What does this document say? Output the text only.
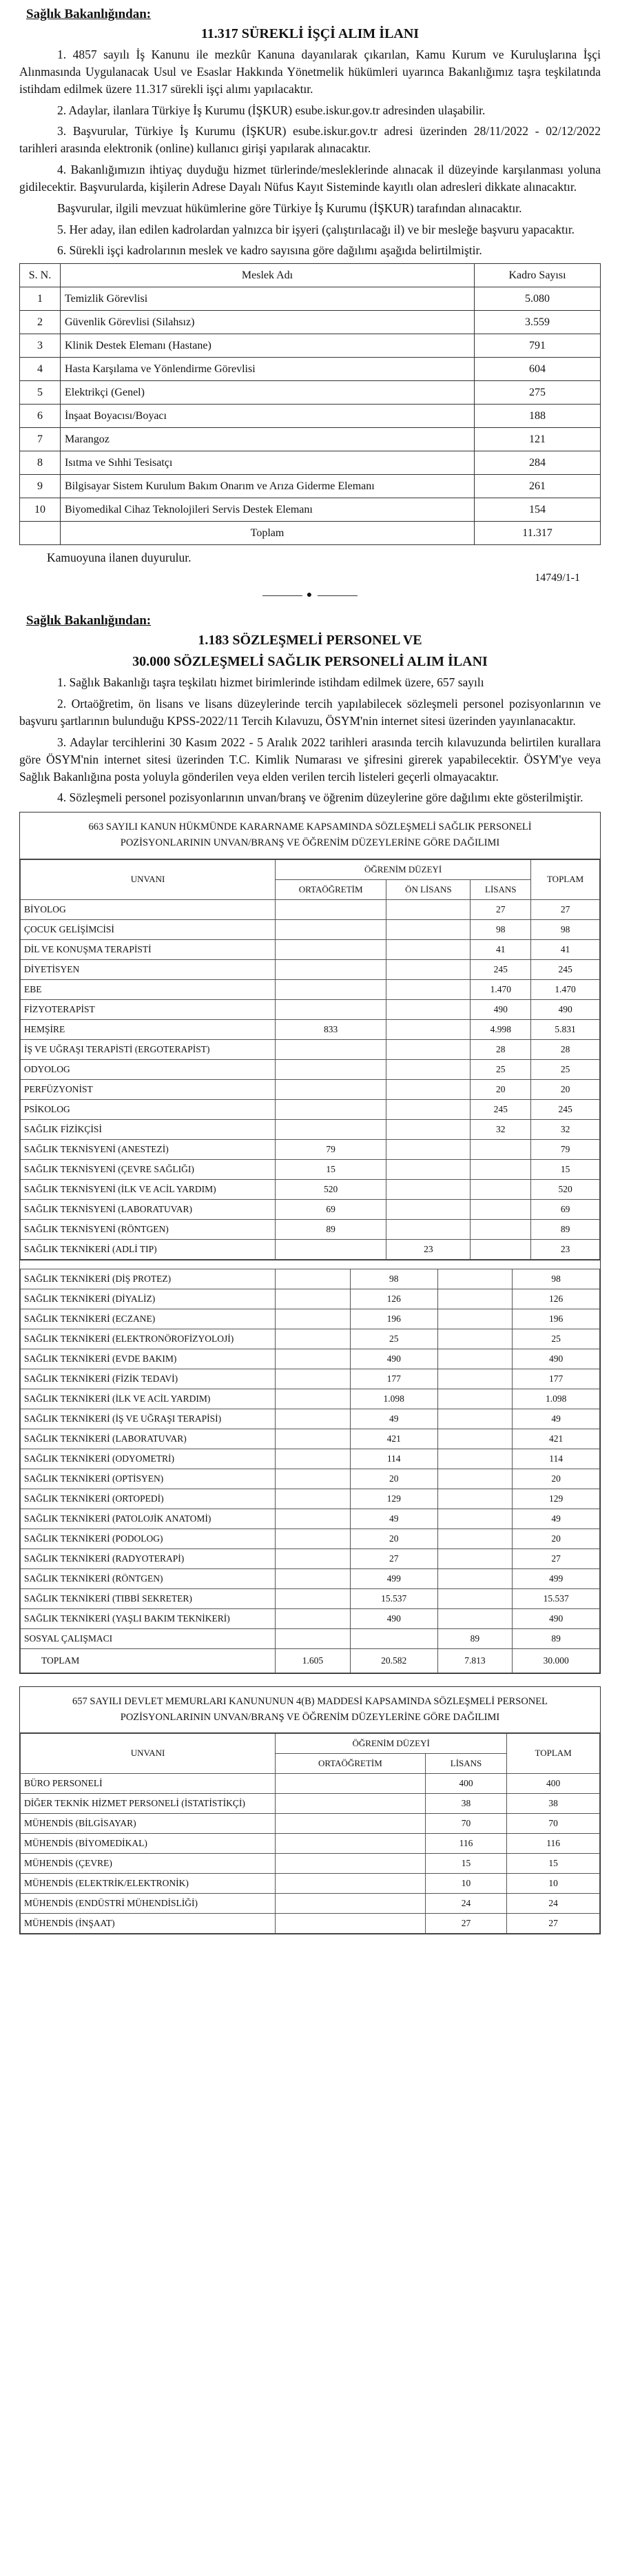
Sağlık Bakanlığından:
11.317 SÜREKLİ İŞÇİ ALIM İLANI
1. 4857 sayılı İş Kanunu ile mezkûr Kanuna dayanılarak çıkarılan, Kamu Kurum ve Kuruluşlarına İşçi Alınmasında Uygulanacak Usul ve Esaslar Hakkında Yönetmelik hükümleri uyarınca Bakanlığımız taşra teşkilatında istihdam edilmek üzere 11.317 sürekli işçi alımı yapılacaktır.
2. Adaylar, ilanlara Türkiye İş Kurumu (İŞKUR) esube.iskur.gov.tr adresinden ulaşabilir.
3. Başvurular, Türkiye İş Kurumu (İŞKUR) esube.iskur.gov.tr adresi üzerinden 28/11/2022 - 02/12/2022 tarihleri arasında elektronik (online) kullanıcı girişi yapılarak alınacaktır.
4. Bakanlığımızın ihtiyaç duyduğu hizmet türlerinde/mesleklerinde alınacak il düzeyinde karşılanması yoluna gidilecektir. Başvurularda, kişilerin Adrese Dayalı Nüfus Kayıt Sisteminde kayıtlı olan adresleri dikkate alınacaktır.
Başvurular, ilgili mevzuat hükümlerine göre Türkiye İş Kurumu (İŞKUR) tarafından alınacaktır.
5. Her aday, ilan edilen kadrolardan yalnızca bir işyeri (çalıştırılacağı il) ve bir mesleğe başvuru yapacaktır.
6. Sürekli işçi kadrolarının meslek ve kadro sayısına göre dağılımı aşağıda belirtilmiştir.
S. N.	Meslek Adı	Kadro Sayısı
1	Temizlik Görevlisi	5.080
2	Güvenlik Görevlisi (Silahsız)	3.559
3	Klinik Destek Elemanı (Hastane)	791
4	Hasta Karşılama ve Yönlendirme Görevlisi	604
5	Elektrikçi (Genel)	275
6	İnşaat Boyacısı/Boyacı	188
7	Marangoz	121
8	Isıtma ve Sıhhi Tesisatçı	284
9	Bilgisayar Sistem Kurulum Bakım Onarım ve Arıza Giderme Elemanı	261
10	Biyomedikal Cihaz Teknolojileri Servis Destek Elemanı	154
	Toplam	11.317
Kamuoyuna ilanen duyurulur.
14749/1-1
●
Sağlık Bakanlığından:
1.183 SÖZLEŞMELİ PERSONEL VE
30.000 SÖZLEŞMELİ SAĞLIK PERSONELİ ALIM İLANI
1. Sağlık Bakanlığı taşra teşkilatı hizmet birimlerinde istihdam edilmek üzere, 657 sayılı
2. Ortaöğretim, ön lisans ve lisans düzeylerinde tercih yapılabilecek sözleşmeli personel pozisyonlarının ve başvuru şartlarının bulunduğu KPSS-2022/11 Tercih Kılavuzu, ÖSYM'nin internet sitesi üzerinden yayınlanacaktır.
3. Adaylar tercihlerini 30 Kasım 2022 - 5 Aralık 2022 tarihleri arasında tercih kılavuzunda belirtilen kurallara göre ÖSYM'nin internet sitesi üzerinden T.C. Kimlik Numarası ve şifresini girerek yapabilecektir. ÖSYM'ye veya Sağlık Bakanlığına posta yoluyla gönderilen veya elden verilen tercih listeleri geçerli olmayacaktır.
4. Sözleşmeli personel pozisyonlarının unvan/branş ve öğrenim düzeylerine göre dağılımı ekte gösterilmiştir.
663 SAYILI KANUN HÜKMÜNDE KARARNAME KAPSAMINDA SÖZLEŞMELİ SAĞLIK PERSONELİ
POZİSYONLARININ UNVAN/BRANŞ VE ÖĞRENİM DÜZEYLERİNE GÖRE DAĞILIMI
UNVANI	ÖĞRENİM DÜZEYİ			TOPLAM
	ORTAÖĞRETİM	ÖN LİSANS	LİSANS	
BİYOLOG			27	27
ÇOCUK GELİŞİMCİSİ			98	98
DİL VE KONUŞMA TERAPİSTİ			41	41
DİYETİSYEN			245	245
EBE			1.470	1.470
FİZYOTERAPİST			490	490
HEMŞİRE	833		4.998	5.831
İŞ VE UĞRAŞI TERAPİSTİ (ERGOTERAPİST)			28	28
ODYOLOG			25	25
PERFÜZYONİST			20	20
PSİKOLOG			245	245
SAĞLIK FİZİKÇİSİ			32	32
SAĞLIK TEKNİSYENİ (ANESTEZİ)	79			79
SAĞLIK TEKNİSYENİ (ÇEVRE SAĞLIĞI)	15			15
SAĞLIK TEKNİSYENİ (İLK VE ACİL YARDIM)	520			520
SAĞLIK TEKNİSYENİ (LABORATUVAR)	69			69
SAĞLIK TEKNİSYENİ (RÖNTGEN)	89			89
SAĞLIK TEKNİKERİ (ADLİ TIP)		23		23
SAĞLIK TEKNİKERİ (DİŞ PROTEZ)		98		98
SAĞLIK TEKNİKERİ (DİYALİZ)		126		126
SAĞLIK TEKNİKERİ (ECZANE)		196		196
SAĞLIK TEKNİKERİ (ELEKTRONÖROFİZYOLOJİ)		25		25
SAĞLIK TEKNİKERİ (EVDE BAKIM)		490		490
SAĞLIK TEKNİKERİ (FİZİK TEDAVİ)		177		177
SAĞLIK TEKNİKERİ (İLK VE ACİL YARDIM)		1.098		1.098
SAĞLIK TEKNİKERİ (İŞ VE UĞRAŞI TERAPİSİ)		49		49
SAĞLIK TEKNİKERİ (LABORATUVAR)		421		421
SAĞLIK TEKNİKERİ (ODYOMETRİ)		114		114
SAĞLIK TEKNİKERİ (OPTİSYEN)		20		20
SAĞLIK TEKNİKERİ (ORTOPEDİ)		129		129
SAĞLIK TEKNİKERİ (PATOLOJİK ANATOMİ)		49		49
SAĞLIK TEKNİKERİ (PODOLOG)		20		20
SAĞLIK TEKNİKERİ (RADYOTERAPİ)		27		27
SAĞLIK TEKNİKERİ (RÖNTGEN)		499		499
SAĞLIK TEKNİKERİ (TIBBİ SEKRETER)		15.537		15.537
SAĞLIK TEKNİKERİ (YAŞLI BAKIM TEKNİKERİ)		490		490
SOSYAL ÇALIŞMACI			89	89
TOPLAM	1.605	20.582	7.813	30.000
657 SAYILI DEVLET MEMURLARI KANUNUNUN 4(B) MADDESİ KAPSAMINDA SÖZLEŞMELİ PERSONEL
POZİSYONLARININ UNVAN/BRANŞ VE ÖĞRENİM DÜZEYLERİNE GÖRE DAĞILIMI
UNVANI	ÖĞRENİM DÜZEYİ		TOPLAM
	ORTAÖĞRETİM	LİSANS	
BÜRO PERSONELİ		400	400
DİĞER TEKNİK HİZMET PERSONELİ (İSTATİSTİKÇİ)		38	38
MÜHENDİS (BİLGİSAYAR)		70	70
MÜHENDİS (BİYOMEDİKAL)		116	116
MÜHENDİS (ÇEVRE)		15	15
MÜHENDİS (ELEKTRİK/ELEKTRONİK)		10	10
MÜHENDİS (ENDÜSTRİ MÜHENDİSLİĞİ)		24	24
MÜHENDİS (İNŞAAT)		27	27
